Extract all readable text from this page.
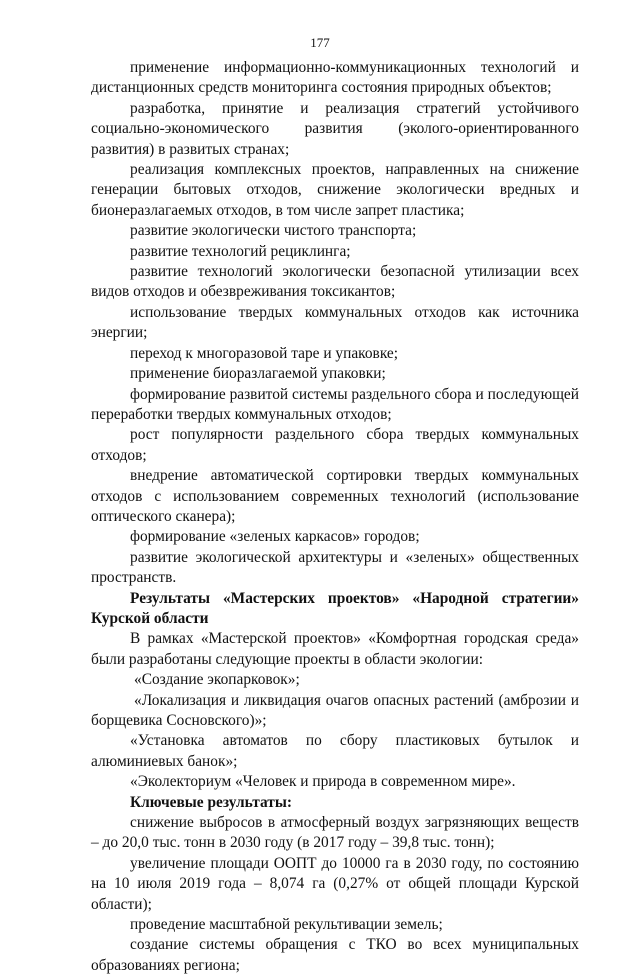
177

применение информационно-коммуникационных технологий и дистанционных средств мониторинга состояния природных объектов;

разработка, принятие и реализация стратегий устойчивого социально-экономического развития (эколого-ориентированного развития) в развитых странах;

реализация комплексных проектов, направленных на снижение генерации бытовых отходов, снижение экологически вредных и бионеразлагаемых отходов, в том числе запрет пластика;

развитие экологически чистого транспорта;

развитие технологий рециклинга;

развитие технологий экологически безопасной утилизации всех видов отходов и обезвреживания токсикантов;

использование твердых коммунальных отходов как источника энергии;

переход к многоразовой таре и упаковке;

применение биоразлагаемой упаковки;

формирование развитой системы раздельного сбора и последующей переработки твердых коммунальных отходов;

рост популярности раздельного сбора твердых коммунальных отходов;

внедрение автоматической сортировки твердых коммунальных отходов с использованием современных технологий (использование оптического сканера);

формирование «зеленых каркасов» городов;

развитие экологической архитектуры и «зеленых» общественных пространств.

Результаты «Мастерских проектов» «Народной стратегии» Курской области

В рамках «Мастерской проектов» «Комфортная городская среда» были разработаны следующие проекты в области экологии:

«Создание экопарковок»;

«Локализация и ликвидация очагов опасных растений (амброзии и борщевика Сосновского)»;

«Установка автоматов по сбору пластиковых бутылок и алюминиевых банок»;

«Эколекториум «Человек и природа в современном мире».

Ключевые результаты:

снижение выбросов в атмосферный воздух загрязняющих веществ – до 20,0 тыс. тонн в 2030 году (в 2017 году – 39,8 тыс. тонн);

увеличение площади ООПТ до 10000 га в 2030 году, по состоянию на 10 июля 2019 года – 8,074 га (0,27% от общей площади Курской области);

проведение масштабной рекультивации земель;

создание системы обращения с ТКО во всех муниципальных образованиях региона;
